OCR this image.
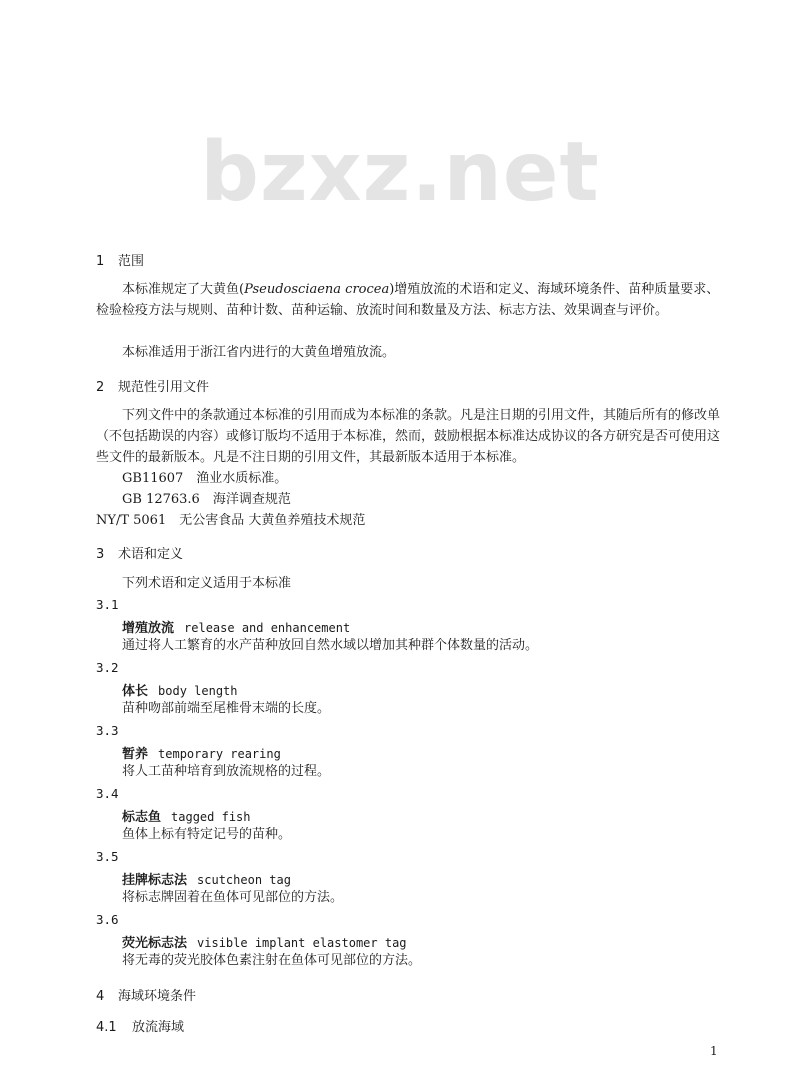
bzxz.net
1 范围
本标准规定了大黄鱼(Pseudosciaena crocea)增殖放流的术语和定义、海域环境条件、苗种质量要求、检验检疫方法与规则、苗种计数、苗种运输、放流时间和数量及方法、标志方法、效果调查与评价。
本标准适用于浙江省内进行的大黄鱼增殖放流。
2 规范性引用文件
下列文件中的条款通过本标准的引用而成为本标准的条款。凡是注日期的引用文件，其随后所有的修改单（不包括勘误的内容）或修订版均不适用于本标准，然而，鼓励根据本标准达成协议的各方研究是否可使用这些文件的最新版本。凡是不注日期的引用文件，其最新版本适用于本标准。
GB11607　渔业水质标准。
GB 12763.6　海洋调查规范
NY/T 5061　无公害食品 大黄鱼养殖技术规范
3 术语和定义
下列术语和定义适用于本标准
3.1
增殖放流 release and enhancement
通过将人工繁育的水产苗种放回自然水域以增加其种群个体数量的活动。
3.2
体长 body length
苗种吻部前端至尾椎骨末端的长度。
3.3
暂养 temporary rearing
将人工苗种培育到放流规格的过程。
3.4
标志鱼 tagged fish
鱼体上标有特定记号的苗种。
3.5
挂牌标志法 scutcheon tag
将标志牌固着在鱼体可见部位的方法。
3.6
荧光标志法 visible implant elastomer tag
将无毒的荧光胶体色素注射在鱼体可见部位的方法。
4 海域环境条件
4.1 放流海域
1
